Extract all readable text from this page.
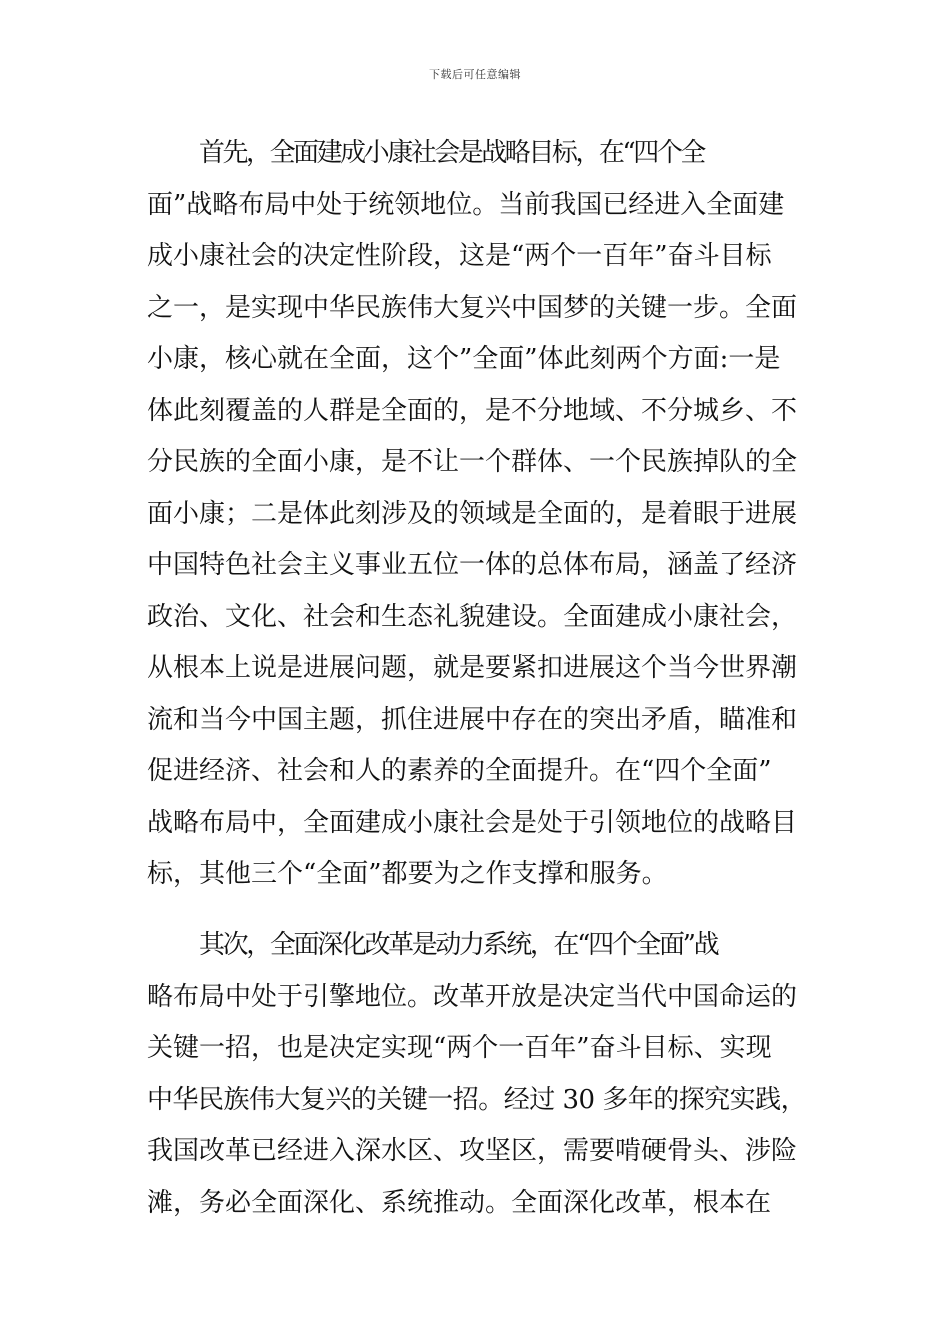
下载后可任意编辑
首先，全面建成小康社会是战略目标，在“四个全
面”战略布局中处于统领地位。当前我国已经进入全面建
成小康社会的决定性阶段，这是“两个一百年”奋斗目标
之一，是实现中华民族伟大复兴中国梦的关键一步。全面
小康，核心就在全面，这个”全面”体此刻两个方面:一是
体此刻覆盖的人群是全面的，是不分地域、不分城乡、不
分民族的全面小康，是不让一个群体、一个民族掉队的全
面小康；二是体此刻涉及的领域是全面的，是着眼于进展
中国特色社会主义事业五位一体的总体布局，涵盖了经济
政治、文化、社会和生态礼貌建设。全面建成小康社会，
从根本上说是进展问题，就是要紧扣进展这个当今世界潮
流和当今中国主题，抓住进展中存在的突出矛盾，瞄准和
促进经济、社会和人的素养的全面提升。在“四个全面”
战略布局中，全面建成小康社会是处于引领地位的战略目
标，其他三个“全面”都要为之作支撑和服务。
其次，全面深化改革是动力系统，在“四个全面”战
略布局中处于引擎地位。改革开放是决定当代中国命运的
关键一招，也是决定实现“两个一百年”奋斗目标、实现
中华民族伟大复兴的关键一招。经过 30 多年的探究实践，
我国改革已经进入深水区、攻坚区，需要啃硬骨头、涉险
滩，务必全面深化、系统推动。全面深化改革，根本在
